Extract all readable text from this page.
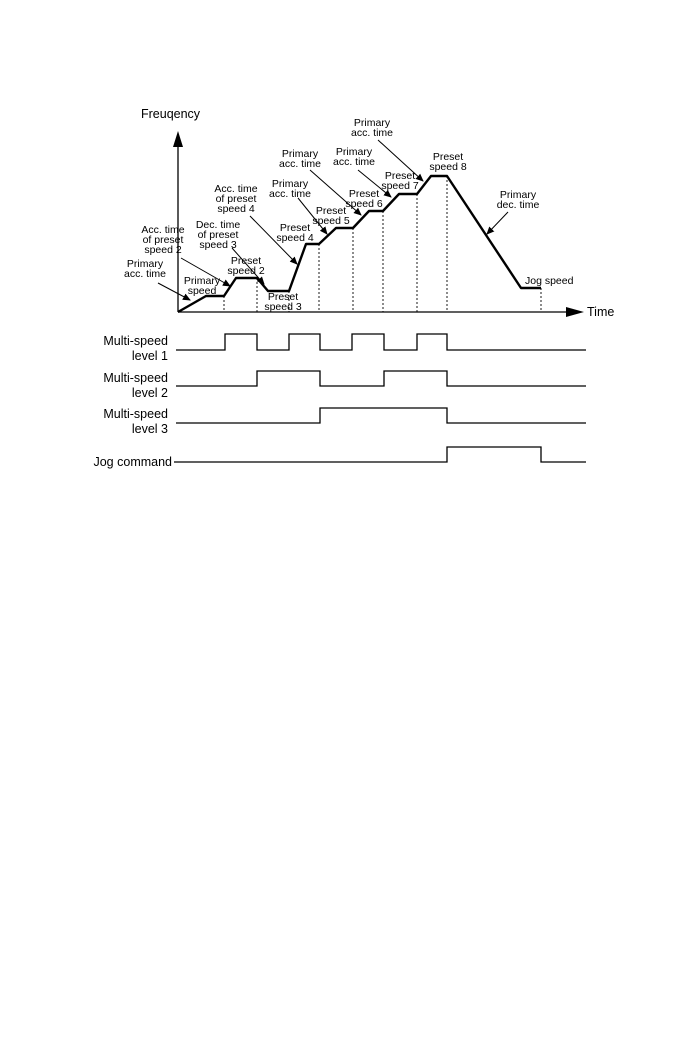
Freuqency
Time
Primary
acc. time
Primary
speed
Acc. time
of preset
speed 2
Preset
speed 2
Dec. time
of preset
speed 3
Preset
speed 3
Acc. time
of preset
speed 4
Preset
speed 4
Primary
acc. time
Preset
speed 5
Primary
acc. time
Primary
acc. time
Preset
speed 6
Preset
speed 7
Primary
acc. time
Preset
speed 8
Primary
dec. time
Jog speed
Multi-speed
level 1
Multi-speed
level 2
Multi-speed
level 3
Jog command
